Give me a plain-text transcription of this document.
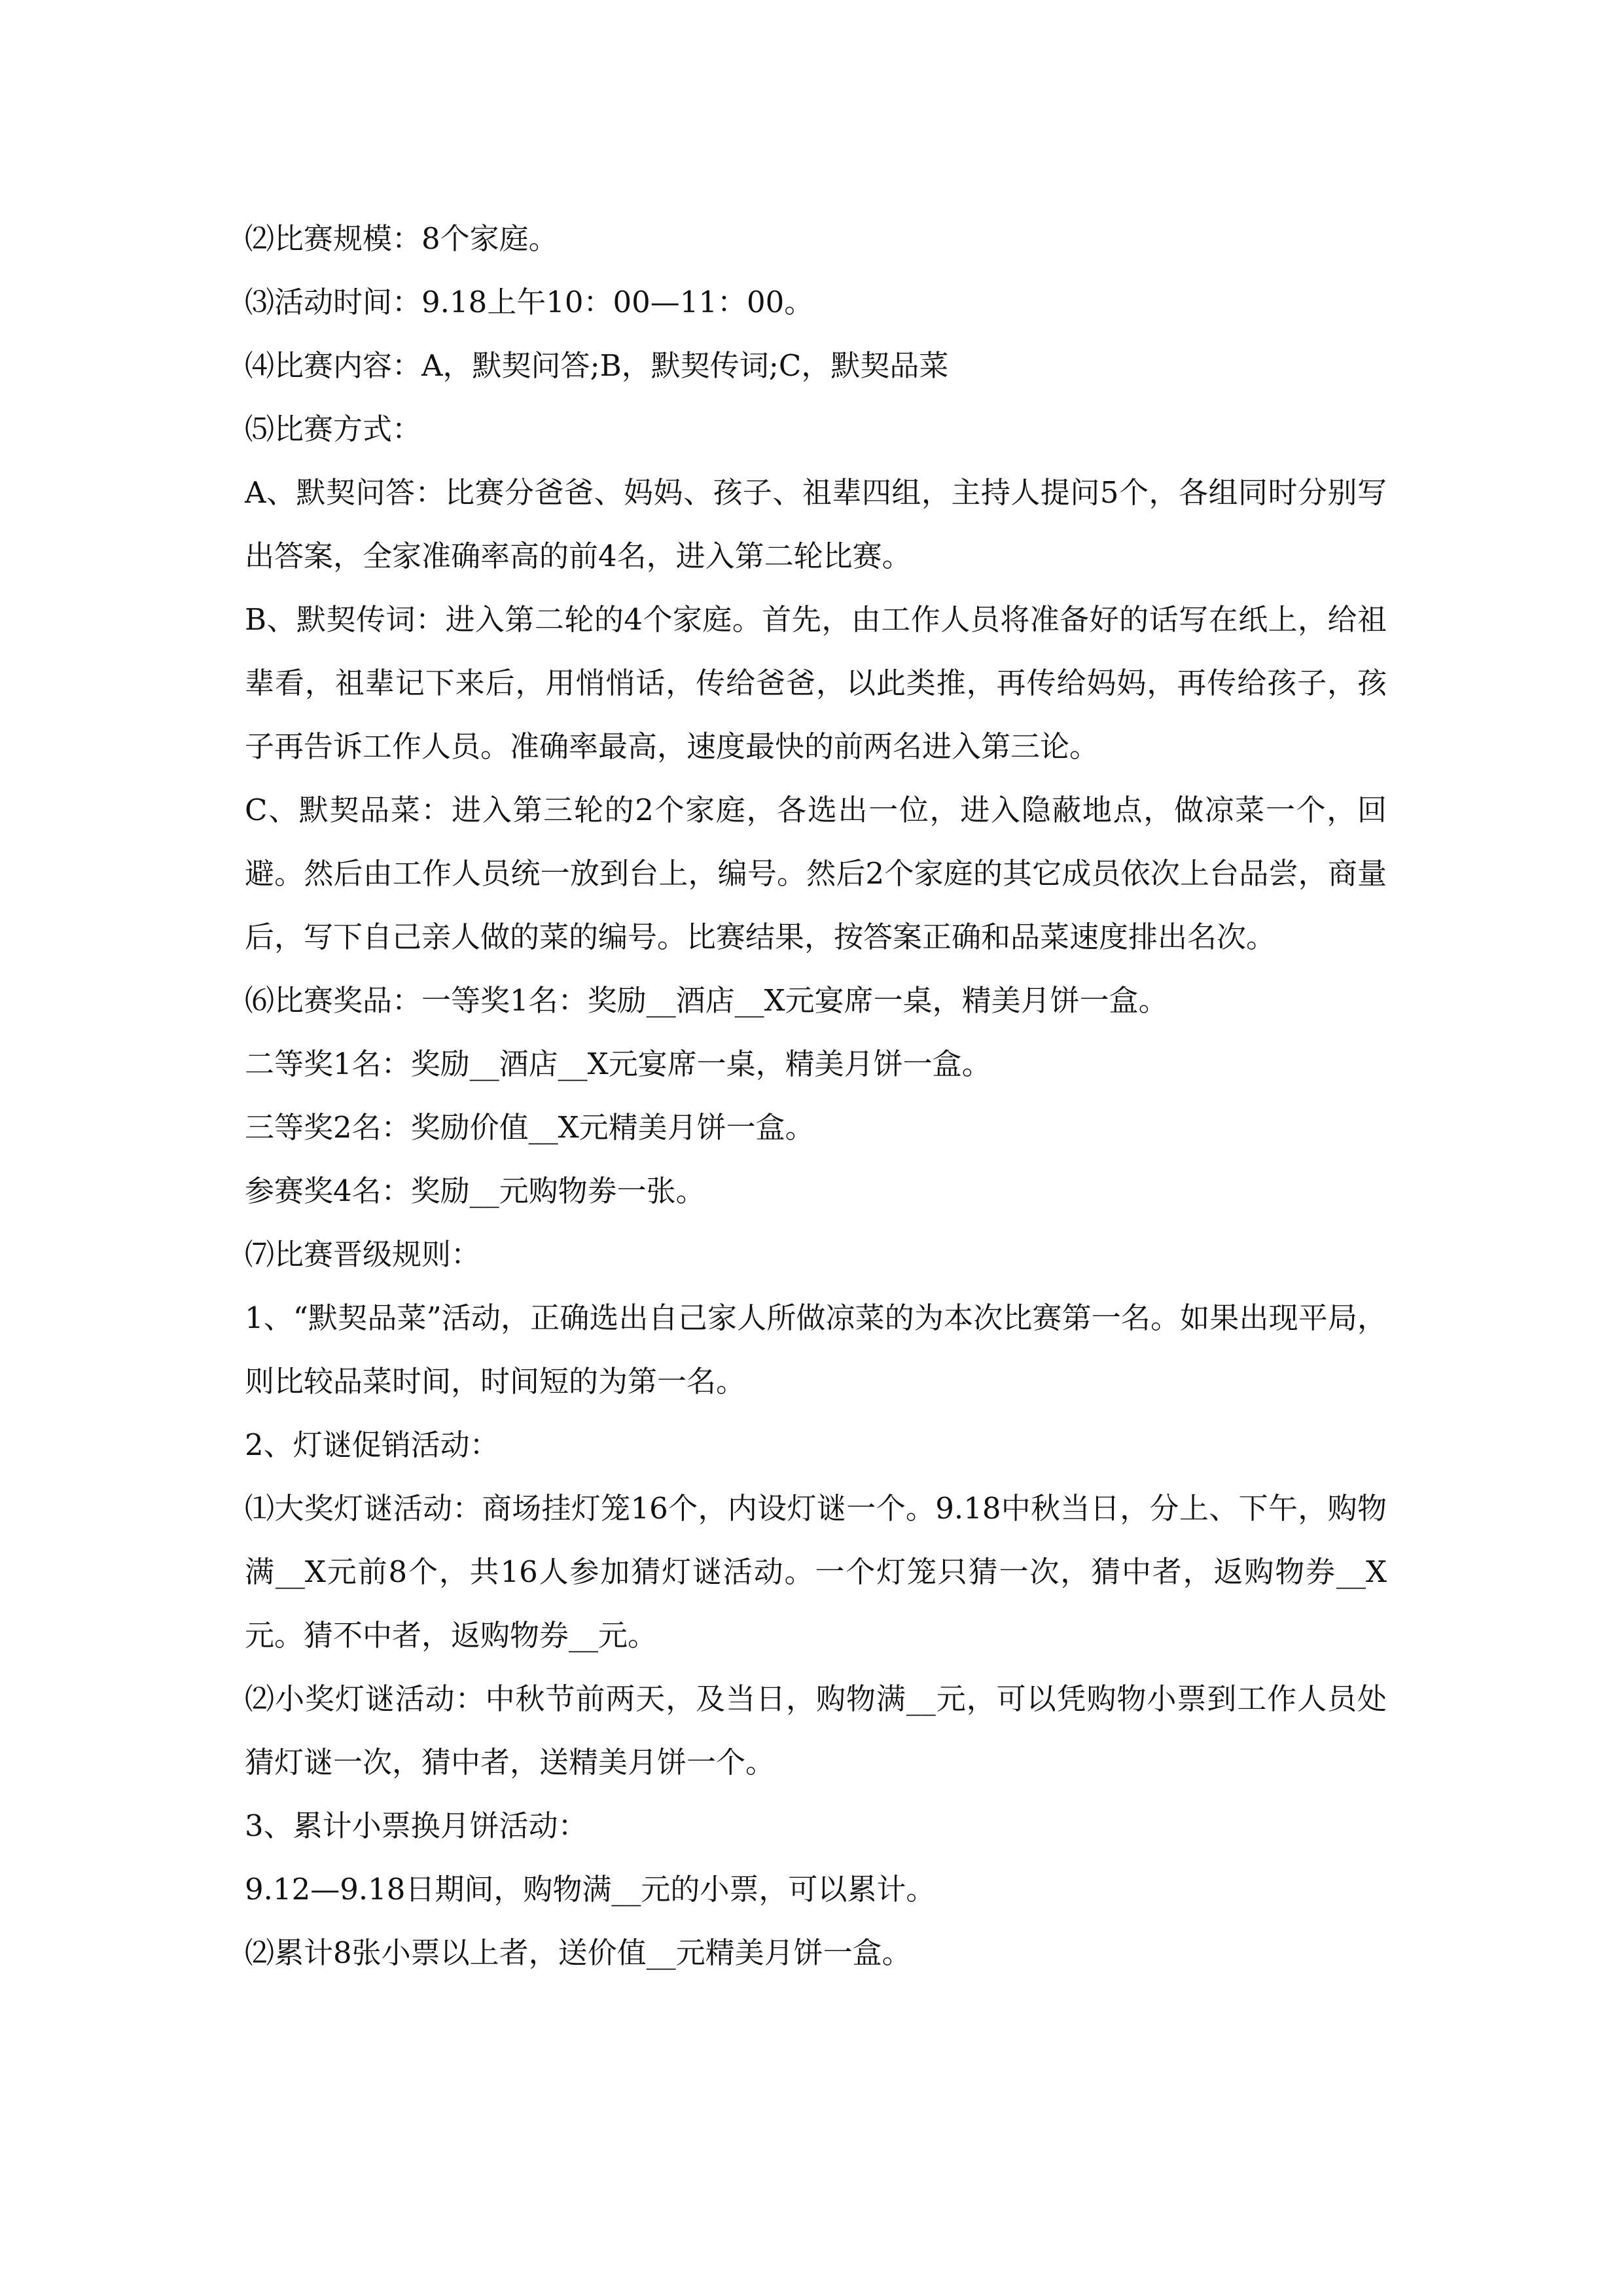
⑵比赛规模：8个家庭。

⑶活动时间：9.18上午10：00—11：00。

⑷比赛内容：A，默契问答;B，默契传词;C，默契品菜

⑸比赛方式：

A、默契问答：比赛分爸爸、妈妈、孩子、祖辈四组，主持人提问5个，各组同时分别写出答案，全家准确率高的前4名，进入第二轮比赛。

B、默契传词：进入第二轮的4个家庭。首先，由工作人员将准备好的话写在纸上，给祖辈看，祖辈记下来后，用悄悄话，传给爸爸，以此类推，再传给妈妈，再传给孩子，孩子再告诉工作人员。准确率最高，速度最快的前两名进入第三论。

C、默契品菜：进入第三轮的2个家庭，各选出一位，进入隐蔽地点，做凉菜一个，回避。然后由工作人员统一放到台上，编号。然后2个家庭的其它成员依次上台品尝，商量后，写下自己亲人做的菜的编号。比赛结果，按答案正确和品菜速度排出名次。

⑹比赛奖品：一等奖1名：奖励__酒店__X元宴席一桌，精美月饼一盒。

二等奖1名：奖励__酒店__X元宴席一桌，精美月饼一盒。

三等奖2名：奖励价值__X元精美月饼一盒。

参赛奖4名：奖励__元购物劵一张。

⑺比赛晋级规则：

1、“默契品菜”活动，正确选出自己家人所做凉菜的为本次比赛第一名。如果出现平局，则比较品菜时间，时间短的为第一名。

2、灯谜促销活动：

⑴大奖灯谜活动：商场挂灯笼16个，内设灯谜一个。9.18中秋当日，分上、下午，购物满__X元前8个，共16人参加猜灯谜活动。一个灯笼只猜一次，猜中者，返购物券__X元。猜不中者，返购物券__元。

⑵小奖灯谜活动：中秋节前两天，及当日，购物满__元，可以凭购物小票到工作人员处猜灯谜一次，猜中者，送精美月饼一个。

3、累计小票换月饼活动：

9.12—9.18日期间，购物满__元的小票，可以累计。

⑵累计8张小票以上者，送价值__元精美月饼一盒。
